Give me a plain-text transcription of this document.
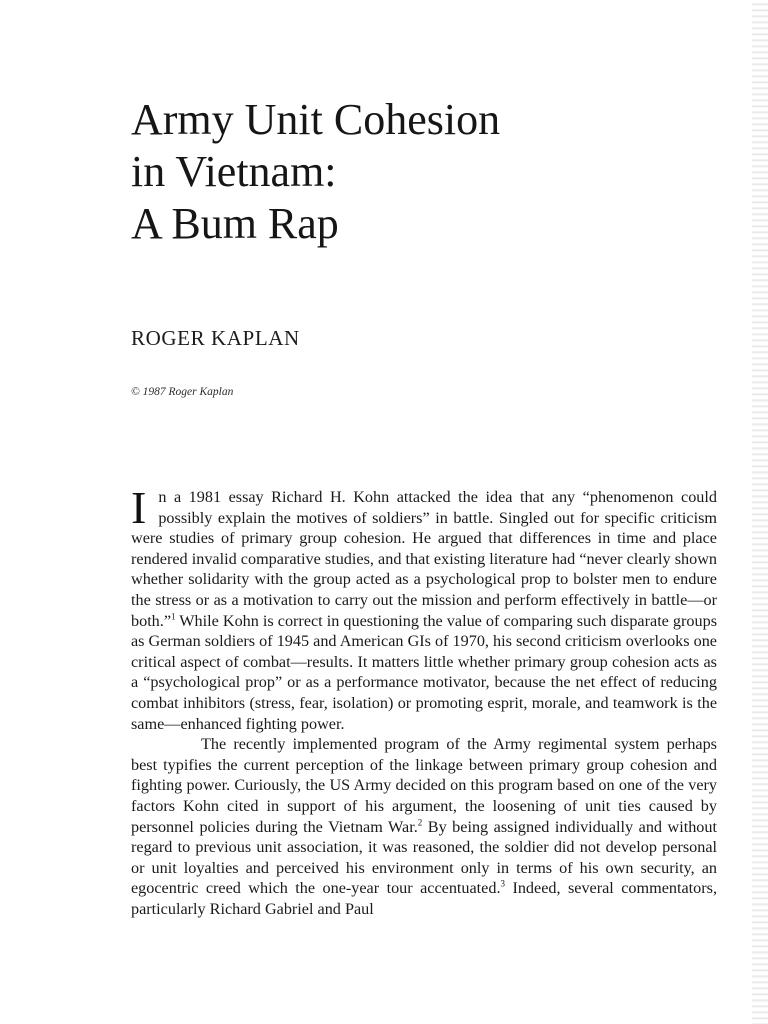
Army Unit Cohesion
in Vietnam:
A Bum Rap

ROGER KAPLAN

© 1987 Roger Kaplan

In a 1981 essay Richard H. Kohn attacked the idea that any “phenomenon could possibly explain the motives of soldiers” in battle. Singled out for specific criticism were studies of primary group cohesion. He argued that differences in time and place rendered invalid comparative studies, and that existing literature had “never clearly shown whether solidarity with the group acted as a psychological prop to bolster men to endure the stress or as a motivation to carry out the mission and perform effectively in battle—or both.”$^1$ While Kohn is correct in questioning the value of comparing such disparate groups as German soldiers of 1945 and American GIs of 1970, his second criticism overlooks one critical aspect of combat—results. It matters little whether primary group cohesion acts as a “psychological prop” or as a performance motivator, because the net effect of reducing combat inhibitors (stress, fear, isolation) or promoting esprit, morale, and teamwork is the same—enhanced fighting power.

The recently implemented program of the Army regimental system perhaps best typifies the current perception of the linkage between primary group cohesion and fighting power. Curiously, the US Army decided on this program based on one of the very factors Kohn cited in support of his argument, the loosening of unit ties caused by personnel policies during the Vietnam War.$^2$ By being assigned individually and without regard to previous unit association, it was reasoned, the soldier did not develop personal or unit loyalties and perceived his environment only in terms of his own security, an egocentric creed which the one-year tour accentuated.$^3$ Indeed, several commentators, particularly Richard Gabriel and Paul
